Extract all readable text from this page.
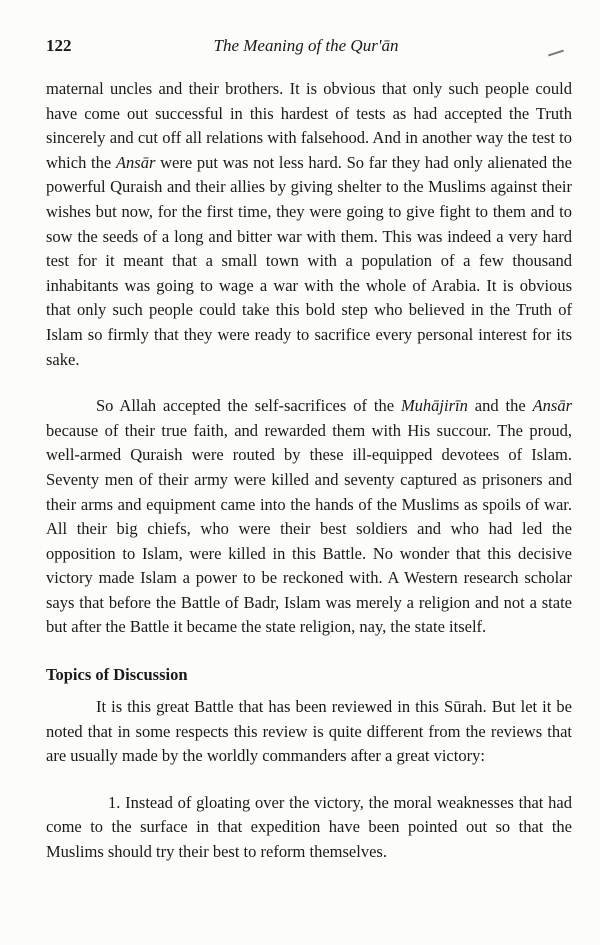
122	The Meaning of the Qur'ān

maternal uncles and their brothers. It is obvious that only such people could have come out successful in this hardest of tests as had accepted the Truth sincerely and cut off all relations with falsehood. And in another way the test to which the Ansār were put was not less hard. So far they had only alienated the powerful Quraish and their allies by giving shelter to the Muslims against their wishes but now, for the first time, they were going to give fight to them and to sow the seeds of a long and bitter war with them. This was indeed a very hard test for it meant that a small town with a population of a few thousand inhabitants was going to wage a war with the whole of Arabia. It is obvious that only such people could take this bold step who believed in the Truth of Islam so firmly that they were ready to sacrifice every personal interest for its sake.

So Allah accepted the self-sacrifices of the Muhājirīn and the Ansār because of their true faith, and rewarded them with His succour. The proud, well-armed Quraish were routed by these ill-equipped devotees of Islam. Seventy men of their army were killed and seventy captured as prisoners and their arms and equipment came into the hands of the Muslims as spoils of war. All their big chiefs, who were their best soldiers and who had led the opposition to Islam, were killed in this Battle. No wonder that this decisive victory made Islam a power to be reckoned with. A Western research scholar says that before the Battle of Badr, Islam was merely a religion and not a state but after the Battle it became the state religion, nay, the state itself.

Topics of Discussion

It is this great Battle that has been reviewed in this Sūrah. But let it be noted that in some respects this review is quite different from the reviews that are usually made by the worldly commanders after a great victory:

1. Instead of gloating over the victory, the moral weaknesses that had come to the surface in that expedition have been pointed out so that the Muslims should try their best to reform themselves.
